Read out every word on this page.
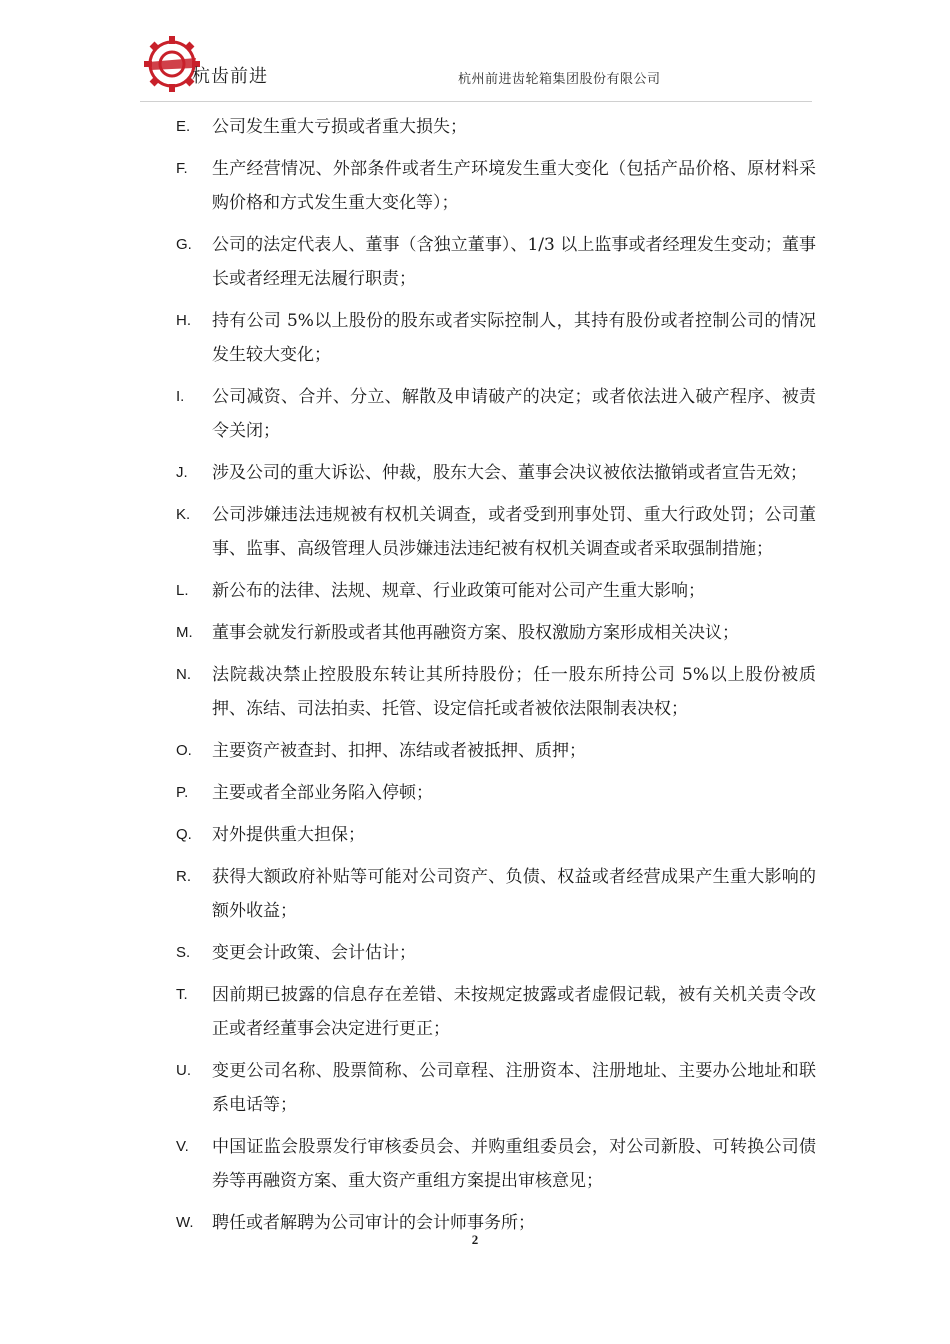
杭齿前进	杭州前进齿轮箱集团股份有限公司
E. 公司发生重大亏损或者重大损失；
F. 生产经营情况、外部条件或者生产环境发生重大变化（包括产品价格、原材料采购价格和方式发生重大变化等）；
G. 公司的法定代表人、董事（含独立董事）、1/3 以上监事或者经理发生变动；董事长或者经理无法履行职责；
H. 持有公司 5%以上股份的股东或者实际控制人，其持有股份或者控制公司的情况发生较大变化；
I. 公司减资、合并、分立、解散及申请破产的决定；或者依法进入破产程序、被责令关闭；
J. 涉及公司的重大诉讼、仲裁，股东大会、董事会决议被依法撤销或者宣告无效；
K. 公司涉嫌违法违规被有权机关调查，或者受到刑事处罚、重大行政处罚；公司董事、监事、高级管理人员涉嫌违法违纪被有权机关调查或者采取强制措施；
L. 新公布的法律、法规、规章、行业政策可能对公司产生重大影响；
M. 董事会就发行新股或者其他再融资方案、股权激励方案形成相关决议；
N. 法院裁决禁止控股股东转让其所持股份；任一股东所持公司 5%以上股份被质押、冻结、司法拍卖、托管、设定信托或者被依法限制表决权；
O. 主要资产被查封、扣押、冻结或者被抵押、质押；
P. 主要或者全部业务陷入停顿；
Q. 对外提供重大担保；
R. 获得大额政府补贴等可能对公司资产、负债、权益或者经营成果产生重大影响的额外收益；
S. 变更会计政策、会计估计；
T. 因前期已披露的信息存在差错、未按规定披露或者虚假记载，被有关机关责令改正或者经董事会决定进行更正；
U. 变更公司名称、股票简称、公司章程、注册资本、注册地址、主要办公地址和联系电话等；
V. 中国证监会股票发行审核委员会、并购重组委员会，对公司新股、可转换公司债券等再融资方案、重大资产重组方案提出审核意见；
W. 聘任或者解聘为公司审计的会计师事务所；
2
